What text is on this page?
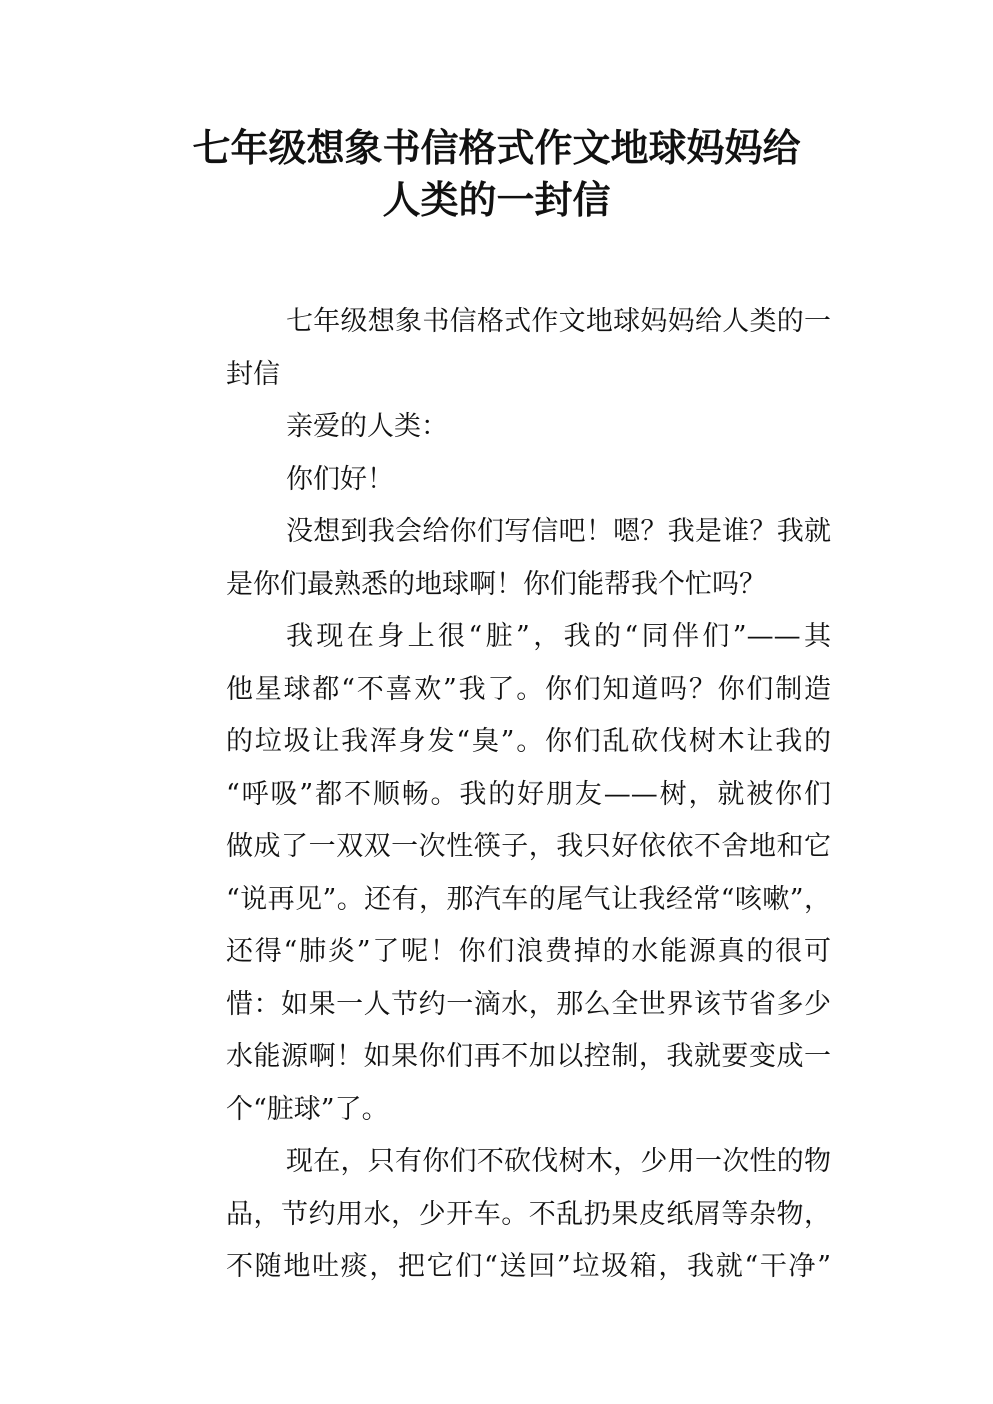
七年级想象书信格式作文地球妈妈给
人类的一封信
七年级想象书信格式作文地球妈妈给人类的一
封信
亲爱的人类：
你们好！
没想到我会给你们写信吧！嗯？我是谁？我就
是你们最熟悉的地球啊！你们能帮我个忙吗？
我现在身上很“脏”，我的“同伴们”——其
他星球都“不喜欢”我了。你们知道吗？你们制造
的垃圾让我浑身发“臭”。你们乱砍伐树木让我的
“呼吸”都不顺畅。我的好朋友——树，就被你们
做成了一双双一次性筷子，我只好依依不舍地和它
“说再见”。还有，那汽车的尾气让我经常“咳嗽”，
还得“肺炎”了呢！你们浪费掉的水能源真的很可
惜：如果一人节约一滴水，那么全世界该节省多少
水能源啊！如果你们再不加以控制，我就要变成一
个“脏球”了。
现在，只有你们不砍伐树木，少用一次性的物
品，节约用水，少开车。不乱扔果皮纸屑等杂物，
不随地吐痰，把它们“送回”垃圾箱，我就“干净”
